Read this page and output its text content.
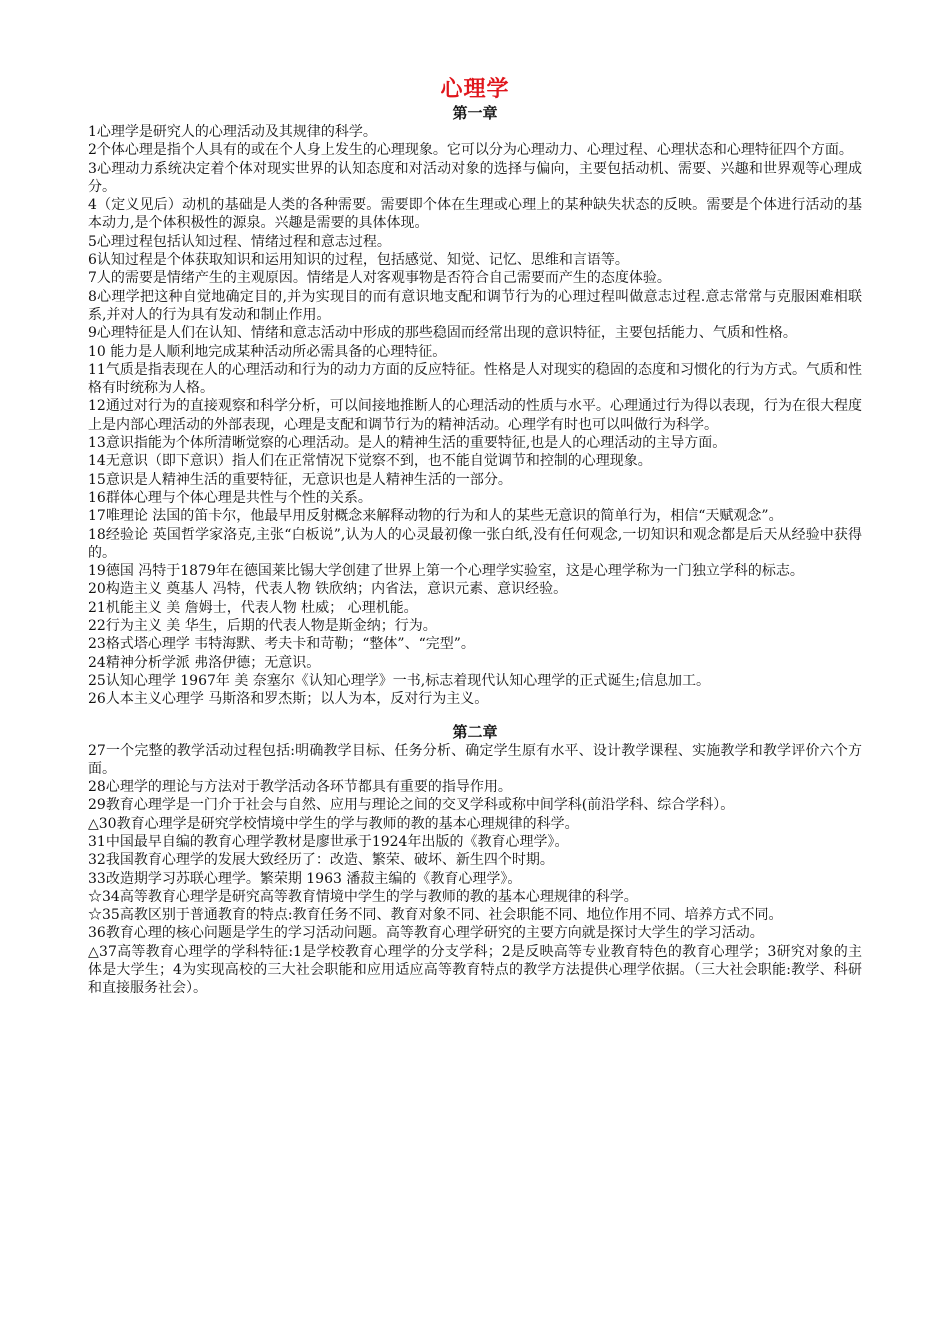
心理学
第一章

1心理学是研究人的心理活动及其规律的科学。

2个体心理是指个人具有的或在个人身上发生的心理现象。它可以分为心理动力、心理过程、心理状态和心理特征四个方面。

3心理动力系统决定着个体对现实世界的认知态度和对活动对象的选择与偏向，主要包括动机、需要、兴趣和世界观等心理成分。

4（定义见后）动机的基础是人类的各种需要。需要即个体在生理或心理上的某种缺失状态的反映。需要是个体进行活动的基本动力,是个体积极性的源泉。兴趣是需要的具体体现。

5心理过程包括认知过程、情绪过程和意志过程。

6认知过程是个体获取知识和运用知识的过程，包括感觉、知觉、记忆、思维和言语等。

7人的需要是情绪产生的主观原因。情绪是人对客观事物是否符合自己需要而产生的态度体验。

8心理学把这种自觉地确定目的,并为实现目的而有意识地支配和调节行为的心理过程叫做意志过程.意志常常与克服困难相联系,并对人的行为具有发动和制止作用。

9心理特征是人们在认知、情绪和意志活动中形成的那些稳固而经常出现的意识特征，主要包括能力、气质和性格。

10 能力是人顺利地完成某种活动所必需具备的心理特征。

11气质是指表现在人的心理活动和行为的动力方面的反应特征。性格是人对现实的稳固的态度和习惯化的行为方式。气质和性格有时统称为人格。

12通过对行为的直接观察和科学分析，可以间接地推断人的心理活动的性质与水平。心理通过行为得以表现，行为在很大程度上是内部心理活动的外部表现，心理是支配和调节行为的精神活动。心理学有时也可以叫做行为科学。

13意识指能为个体所清晰觉察的心理活动。是人的精神生活的重要特征,也是人的心理活动的主导方面。

14无意识（即下意识）指人们在正常情况下觉察不到，也不能自觉调节和控制的心理现象。

15意识是人精神生活的重要特征，无意识也是人精神生活的一部分。

16群体心理与个体心理是共性与个性的关系。

17唯理论 法国的笛卡尔，他最早用反射概念来解释动物的行为和人的某些无意识的简单行为，相信“天赋观念”。

18经验论 英国哲学家洛克,主张“白板说”,认为人的心灵最初像一张白纸,没有任何观念,一切知识和观念都是后天从经验中获得的。

19德国 冯特于1879年在德国莱比锡大学创建了世界上第一个心理学实验室，这是心理学称为一门独立学科的标志。

20构造主义 奠基人 冯特，代表人物 铁欣纳；内省法，意识元素、意识经验。

21机能主义 美 詹姆士，代表人物 杜威； 心理机能。

22行为主义 美 华生，后期的代表人物是斯金纳；行为。

23格式塔心理学 韦特海默、考夫卡和苛勒；“整体”、“完型”。

24精神分析学派 弗洛伊德；无意识。

25认知心理学 1967年 美 奈塞尔《认知心理学》一书,标志着现代认知心理学的正式诞生;信息加工。

26人本主义心理学 马斯洛和罗杰斯；以人为本，反对行为主义。

第二章

27一个完整的教学活动过程包括:明确教学目标、任务分析、确定学生原有水平、设计教学课程、实施教学和教学评价六个方面。

28心理学的理论与方法对于教学活动各环节都具有重要的指导作用。

29教育心理学是一门介于社会与自然、应用与理论之间的交叉学科或称中间学科(前沿学科、综合学科）。

△30教育心理学是研究学校情境中学生的学与教师的教的基本心理规律的科学。

31中国最早自编的教育心理学教材是廖世承于1924年出版的《教育心理学》。

32我国教育心理学的发展大致经历了：改造、繁荣、破坏、新生四个时期。

33改造期学习苏联心理学。繁荣期 1963 潘菽主编的《教育心理学》。

☆34高等教育心理学是研究高等教育情境中学生的学与教师的教的基本心理规律的科学。

☆35高教区别于普通教育的特点:教育任务不同、教育对象不同、社会职能不同、地位作用不同、培养方式不同。

36教育心理的核心问题是学生的学习活动问题。高等教育心理学研究的主要方向就是探讨大学生的学习活动。

△37高等教育心理学的学科特征:1是学校教育心理学的分支学科；2是反映高等专业教育特色的教育心理学；3研究对象的主体是大学生；4为实现高校的三大社会职能和应用适应高等教育特点的教学方法提供心理学依据。（三大社会职能:教学、科研和直接服务社会）。
